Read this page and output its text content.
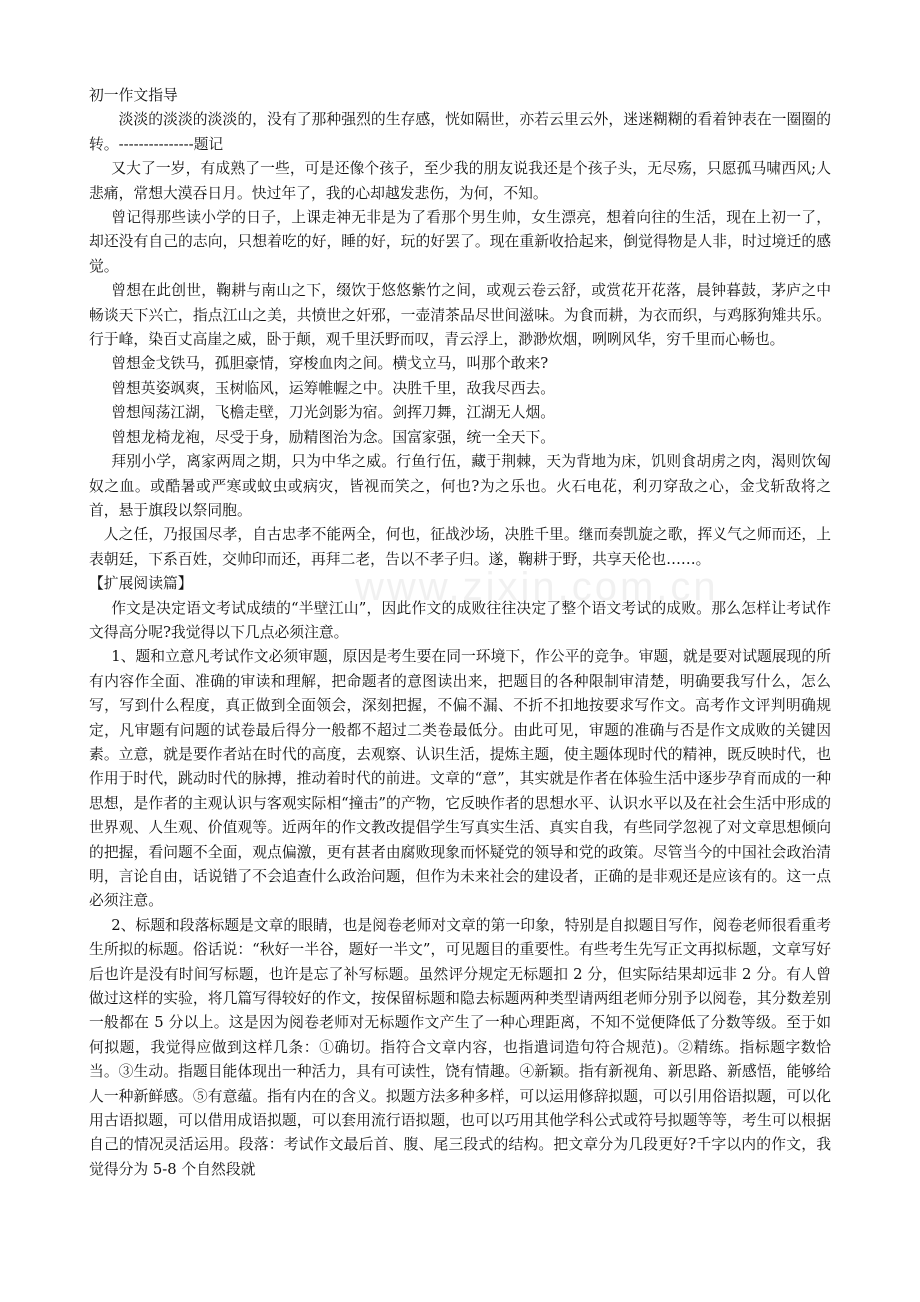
初一作文指导

淡淡的淡淡的淡淡的，没有了那种强烈的生存感，恍如隔世，亦若云里云外，迷迷糊糊的看着钟表在一圈圈的转。---------------题记

又大了一岁，有成熟了一些，可是还像个孩子，至少我的朋友说我还是个孩子头，无尽殇，只愿孤马啸西风;人悲痛，常想大漠吞日月。快过年了，我的心却越发悲伤，为何，不知。

曾记得那些读小学的日子，上课走神无非是为了看那个男生帅，女生漂亮，想着向往的生活，现在上初一了，却还没有自己的志向，只想着吃的好，睡的好，玩的好罢了。现在重新收拾起来，倒觉得物是人非，时过境迁的感觉。

曾想在此创世，鞠耕与南山之下，缀饮于悠悠紫竹之间，或观云卷云舒，或赏花开花落，晨钟暮鼓，茅庐之中畅谈天下兴亡，指点江山之美，共愤世之奸邪，一壶清茶品尽世间滋味。为食而耕，为衣而织，与鸡豚狗雉共乐。行于峰，染百丈高崖之威，卧于颠，观千里沃野而叹，青云浮上，渺渺炊烟，咧咧风华，穷千里而心畅也。

曾想金戈铁马，孤胆豪情，穿梭血肉之间。横戈立马，叫那个敢来?

曾想英姿飒爽，玉树临风，运筹帷幄之中。决胜千里，敌我尽西去。

曾想闯荡江湖，飞檐走壁，刀光剑影为宿。剑挥刀舞，江湖无人烟。

曾想龙椅龙袍，尽受于身，励精图治为念。国富家强，统一全天下。

拜别小学，离家两周之期，只为中华之威。行鱼行伍，藏于荆棘，天为背地为床，饥则食胡虏之肉，渴则饮匈奴之血。或酷暑或严寒或蚊虫或病灾，皆视而笑之，何也?为之乐也。火石电花，利刃穿敌之心，金戈斩敌将之首，悬于旗段以祭同胞。

人之任，乃报国尽孝，自古忠孝不能两全，何也，征战沙场，决胜千里。继而奏凯旋之歌，挥义气之师而还，上表朝廷，下系百姓，交帅印而还，再拜二老，告以不孝子归。遂，鞠耕于野，共享天伦也……。

【扩展阅读篇】

作文是决定语文考试成绩的“半壁江山”，因此作文的成败往往决定了整个语文考试的成败。那么怎样让考试作文得高分呢?我觉得以下几点必须注意。

1、题和立意凡考试作文必须审题，原因是考生要在同一环境下，作公平的竞争。审题，就是要对试题展现的所有内容作全面、准确的审读和理解，把命题者的意图读出来，把题目的各种限制审清楚，明确要我写什么，怎么写，写到什么程度，真正做到全面领会，深刻把握，不偏不漏、不折不扣地按要求写作文。高考作文评判明确规定，凡审题有问题的试卷最后得分一般都不超过二类卷最低分。由此可见，审题的准确与否是作文成败的关键因素。立意，就是要作者站在时代的高度，去观察、认识生活，提炼主题，使主题体现时代的精神，既反映时代，也作用于时代，跳动时代的脉搏，推动着时代的前进。文章的“意”，其实就是作者在体验生活中逐步孕育而成的一种思想，是作者的主观认识与客观实际相“撞击”的产物，它反映作者的思想水平、认识水平以及在社会生活中形成的世界观、人生观、价值观等。近两年的作文教改提倡学生写真实生活、真实自我，有些同学忽视了对文章思想倾向的把握，看问题不全面，观点偏激，更有甚者由腐败现象而怀疑党的领导和党的政策。尽管当今的中国社会政治清明，言论自由，话说错了不会追查什么政治问题，但作为未来社会的建设者，正确的是非观还是应该有的。这一点必须注意。

2、标题和段落标题是文章的眼睛，也是阅卷老师对文章的第一印象，特别是自拟题目写作，阅卷老师很看重考生所拟的标题。俗话说：“秋好一半谷，题好一半文”，可见题目的重要性。有些考生先写正文再拟标题，文章写好后也许是没有时间写标题，也许是忘了补写标题。虽然评分规定无标题扣 2 分，但实际结果却远非 2 分。有人曾做过这样的实验，将几篇写得较好的作文，按保留标题和隐去标题两种类型请两组老师分别予以阅卷，其分数差别一般都在 5 分以上。这是因为阅卷老师对无标题作文产生了一种心理距离，不知不觉便降低了分数等级。至于如何拟题，我觉得应做到这样几条：①确切。指符合文章内容，也指遣词造句符合规范)。②精练。指标题字数恰当。③生动。指题目能体现出一种活力，具有可读性，饶有情趣。④新颖。指有新视角、新思路、新感悟，能够给人一种新鲜感。⑤有意蕴。指有内在的含义。拟题方法多种多样，可以运用修辞拟题，可以引用俗语拟题，可以化用古语拟题，可以借用成语拟题，可以套用流行语拟题，也可以巧用其他学科公式或符号拟题等等，考生可以根据自己的情况灵活运用。段落：考试作文最后首、腹、尾三段式的结构。把文章分为几段更好?千字以内的作文，我觉得分为 5-8 个自然段就

www.zixin.com.cn
